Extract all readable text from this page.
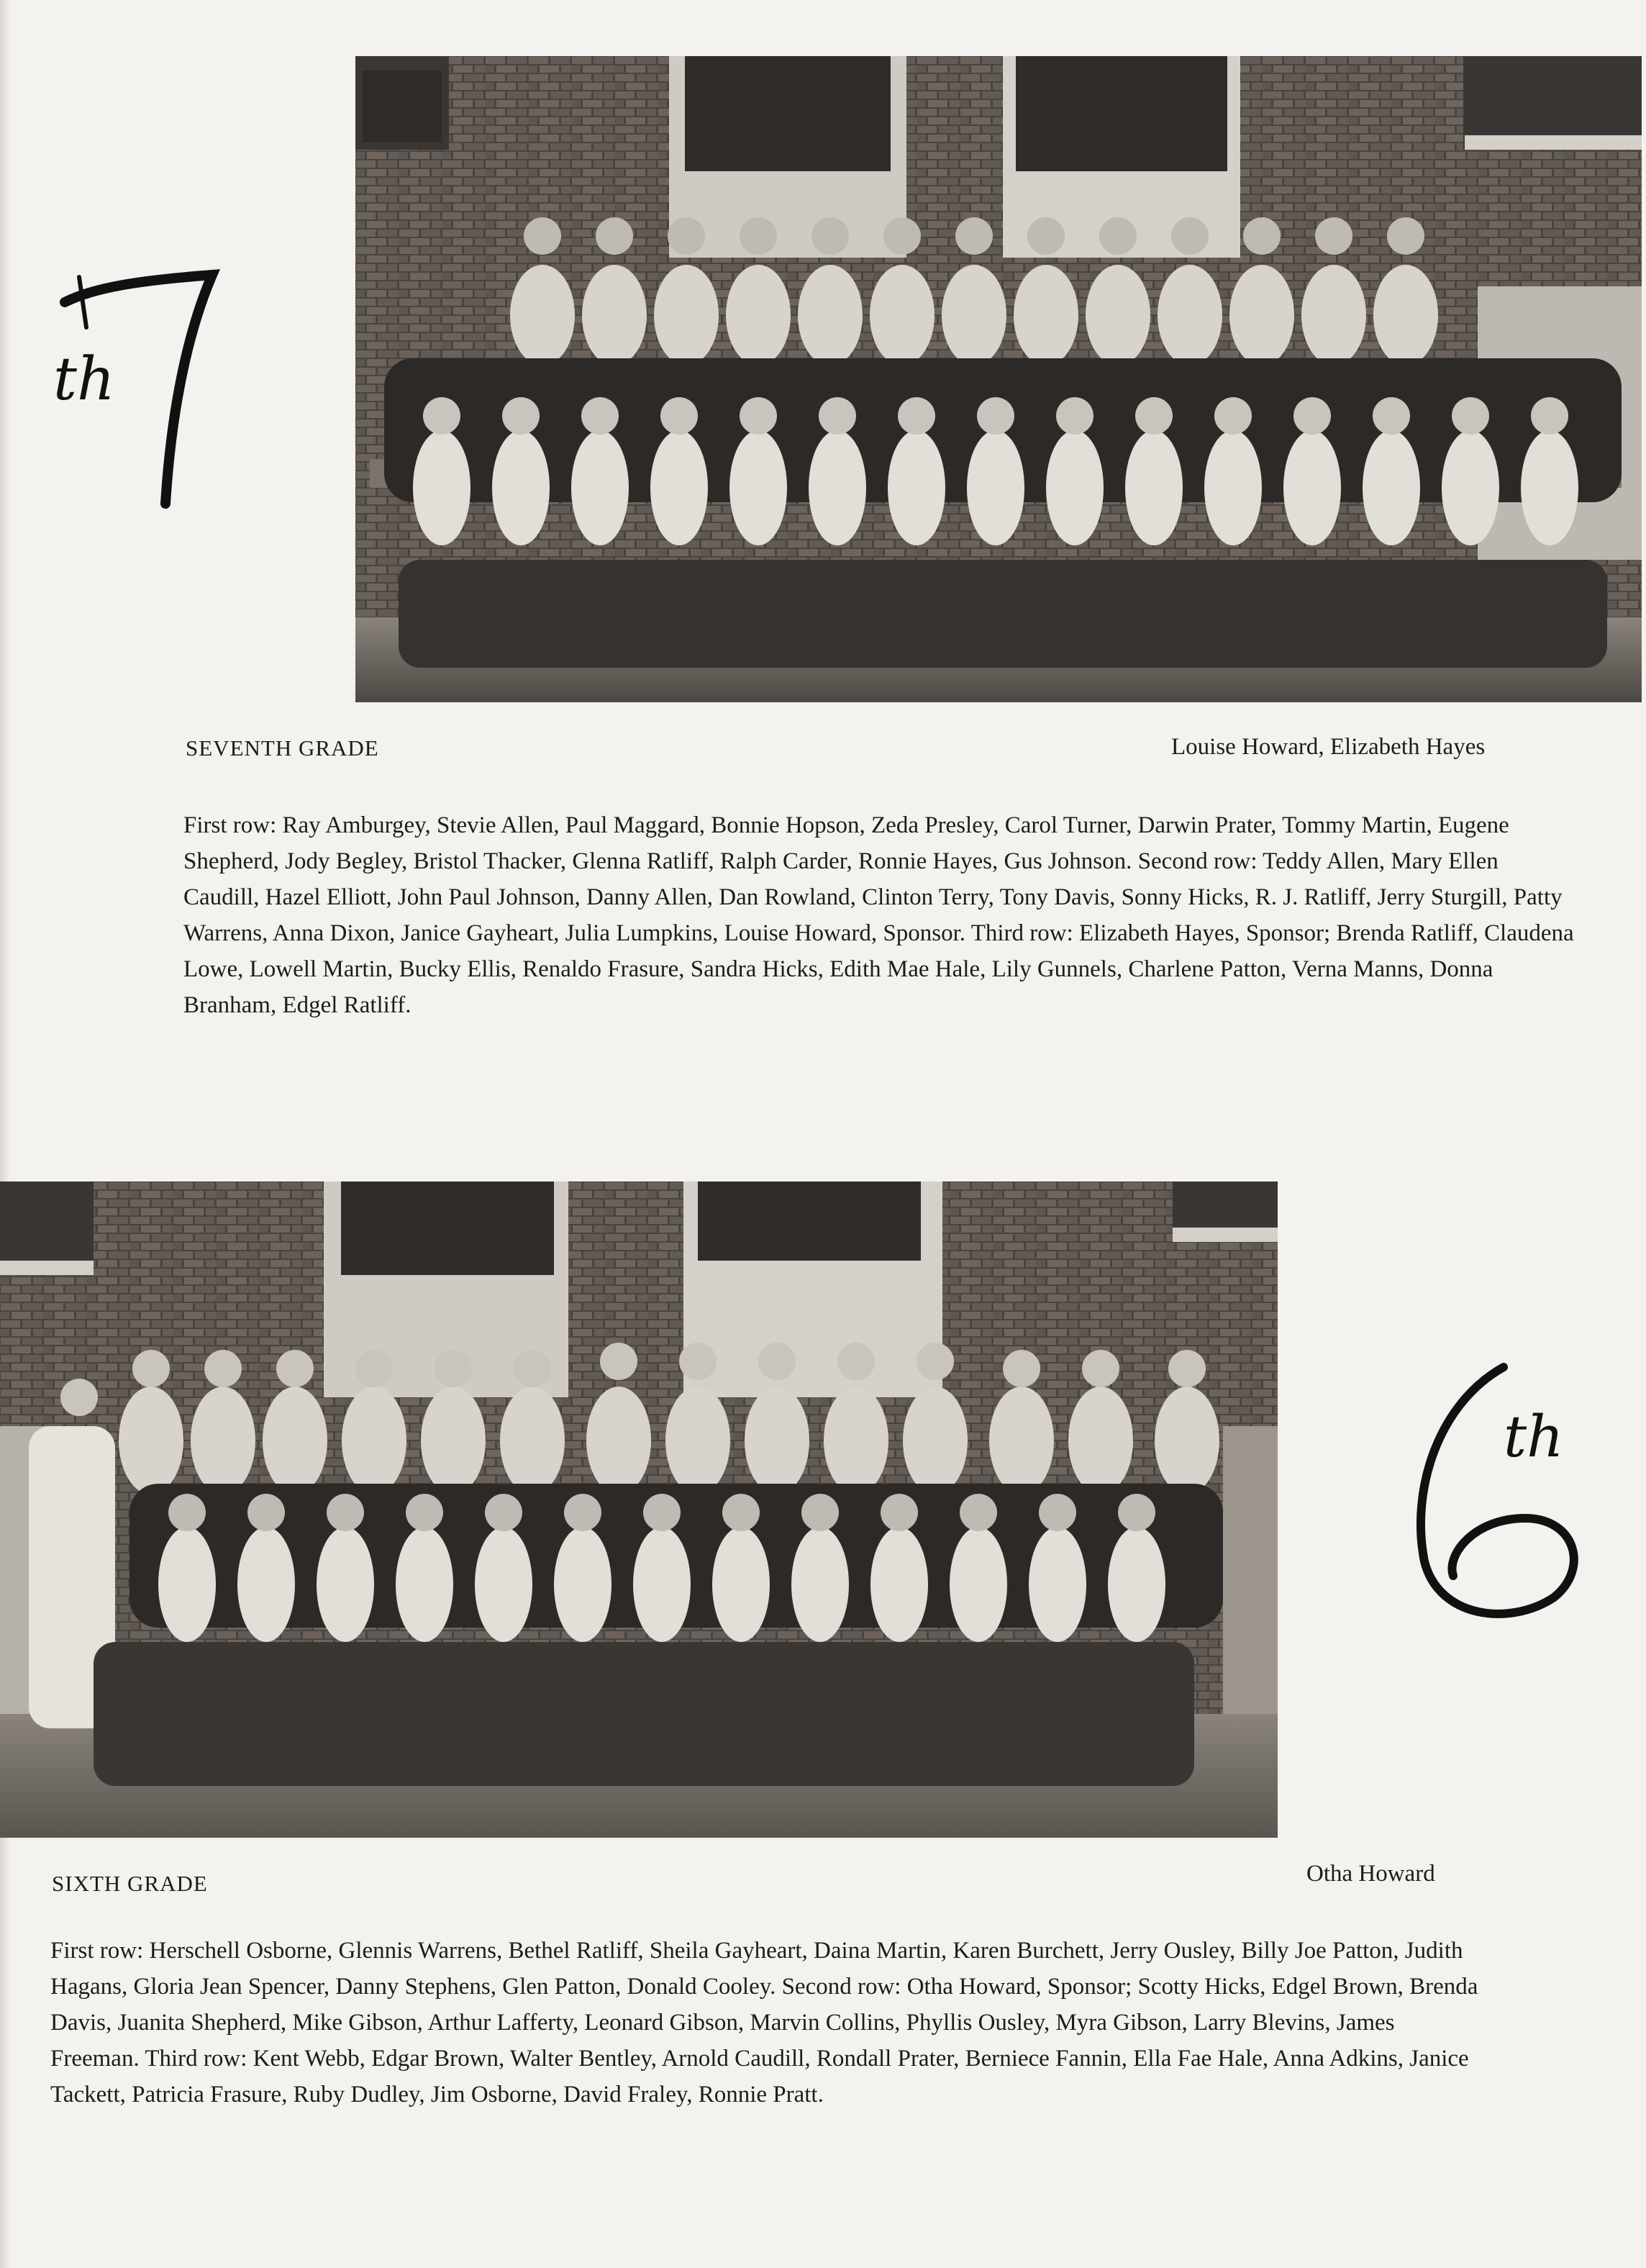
th
SEVENTH GRADE	Louise Howard, Elizabeth Hayes
First row: Ray Amburgey, Stevie Allen, Paul Maggard, Bonnie Hopson, Zeda Presley, Carol Turner, Darwin Prater, Tommy Martin, Eugene Shepherd, Jody Begley, Bristol Thacker, Glenna Ratliff, Ralph Carder, Ronnie Hayes, Gus Johnson. Second row: Teddy Allen, Mary Ellen Caudill, Hazel Elliott, John Paul Johnson, Danny Allen, Dan Rowland, Clinton Terry, Tony Davis, Sonny Hicks, R. J. Ratliff, Jerry Sturgill, Patty Warrens, Anna Dixon, Janice Gayheart, Julia Lumpkins, Louise Howard, Sponsor. Third row: Elizabeth Hayes, Sponsor; Brenda Ratliff, Claudena Lowe, Lowell Martin, Bucky Ellis, Renaldo Frasure, Sandra Hicks, Edith Mae Hale, Lily Gunnels, Charlene Patton, Verna Manns, Donna Branham, Edgel Ratliff.
th
SIXTH GRADE	Otha Howard
First row: Herschell Osborne, Glennis Warrens, Bethel Ratliff, Sheila Gayheart, Daina Martin, Karen Burchett, Jerry Ousley, Billy Joe Patton, Judith Hagans, Gloria Jean Spencer, Danny Stephens, Glen Patton, Donald Cooley. Second row: Otha Howard, Sponsor; Scotty Hicks, Edgel Brown, Brenda Davis, Juanita Shepherd, Mike Gibson, Arthur Lafferty, Leonard Gibson, Marvin Collins, Phyllis Ousley, Myra Gibson, Larry Blevins, James Freeman. Third row: Kent Webb, Edgar Brown, Walter Bentley, Arnold Caudill, Rondall Prater, Berniece Fannin, Ella Fae Hale, Anna Adkins, Janice Tackett, Patricia Frasure, Ruby Dudley, Jim Osborne, David Fraley, Ronnie Pratt.
